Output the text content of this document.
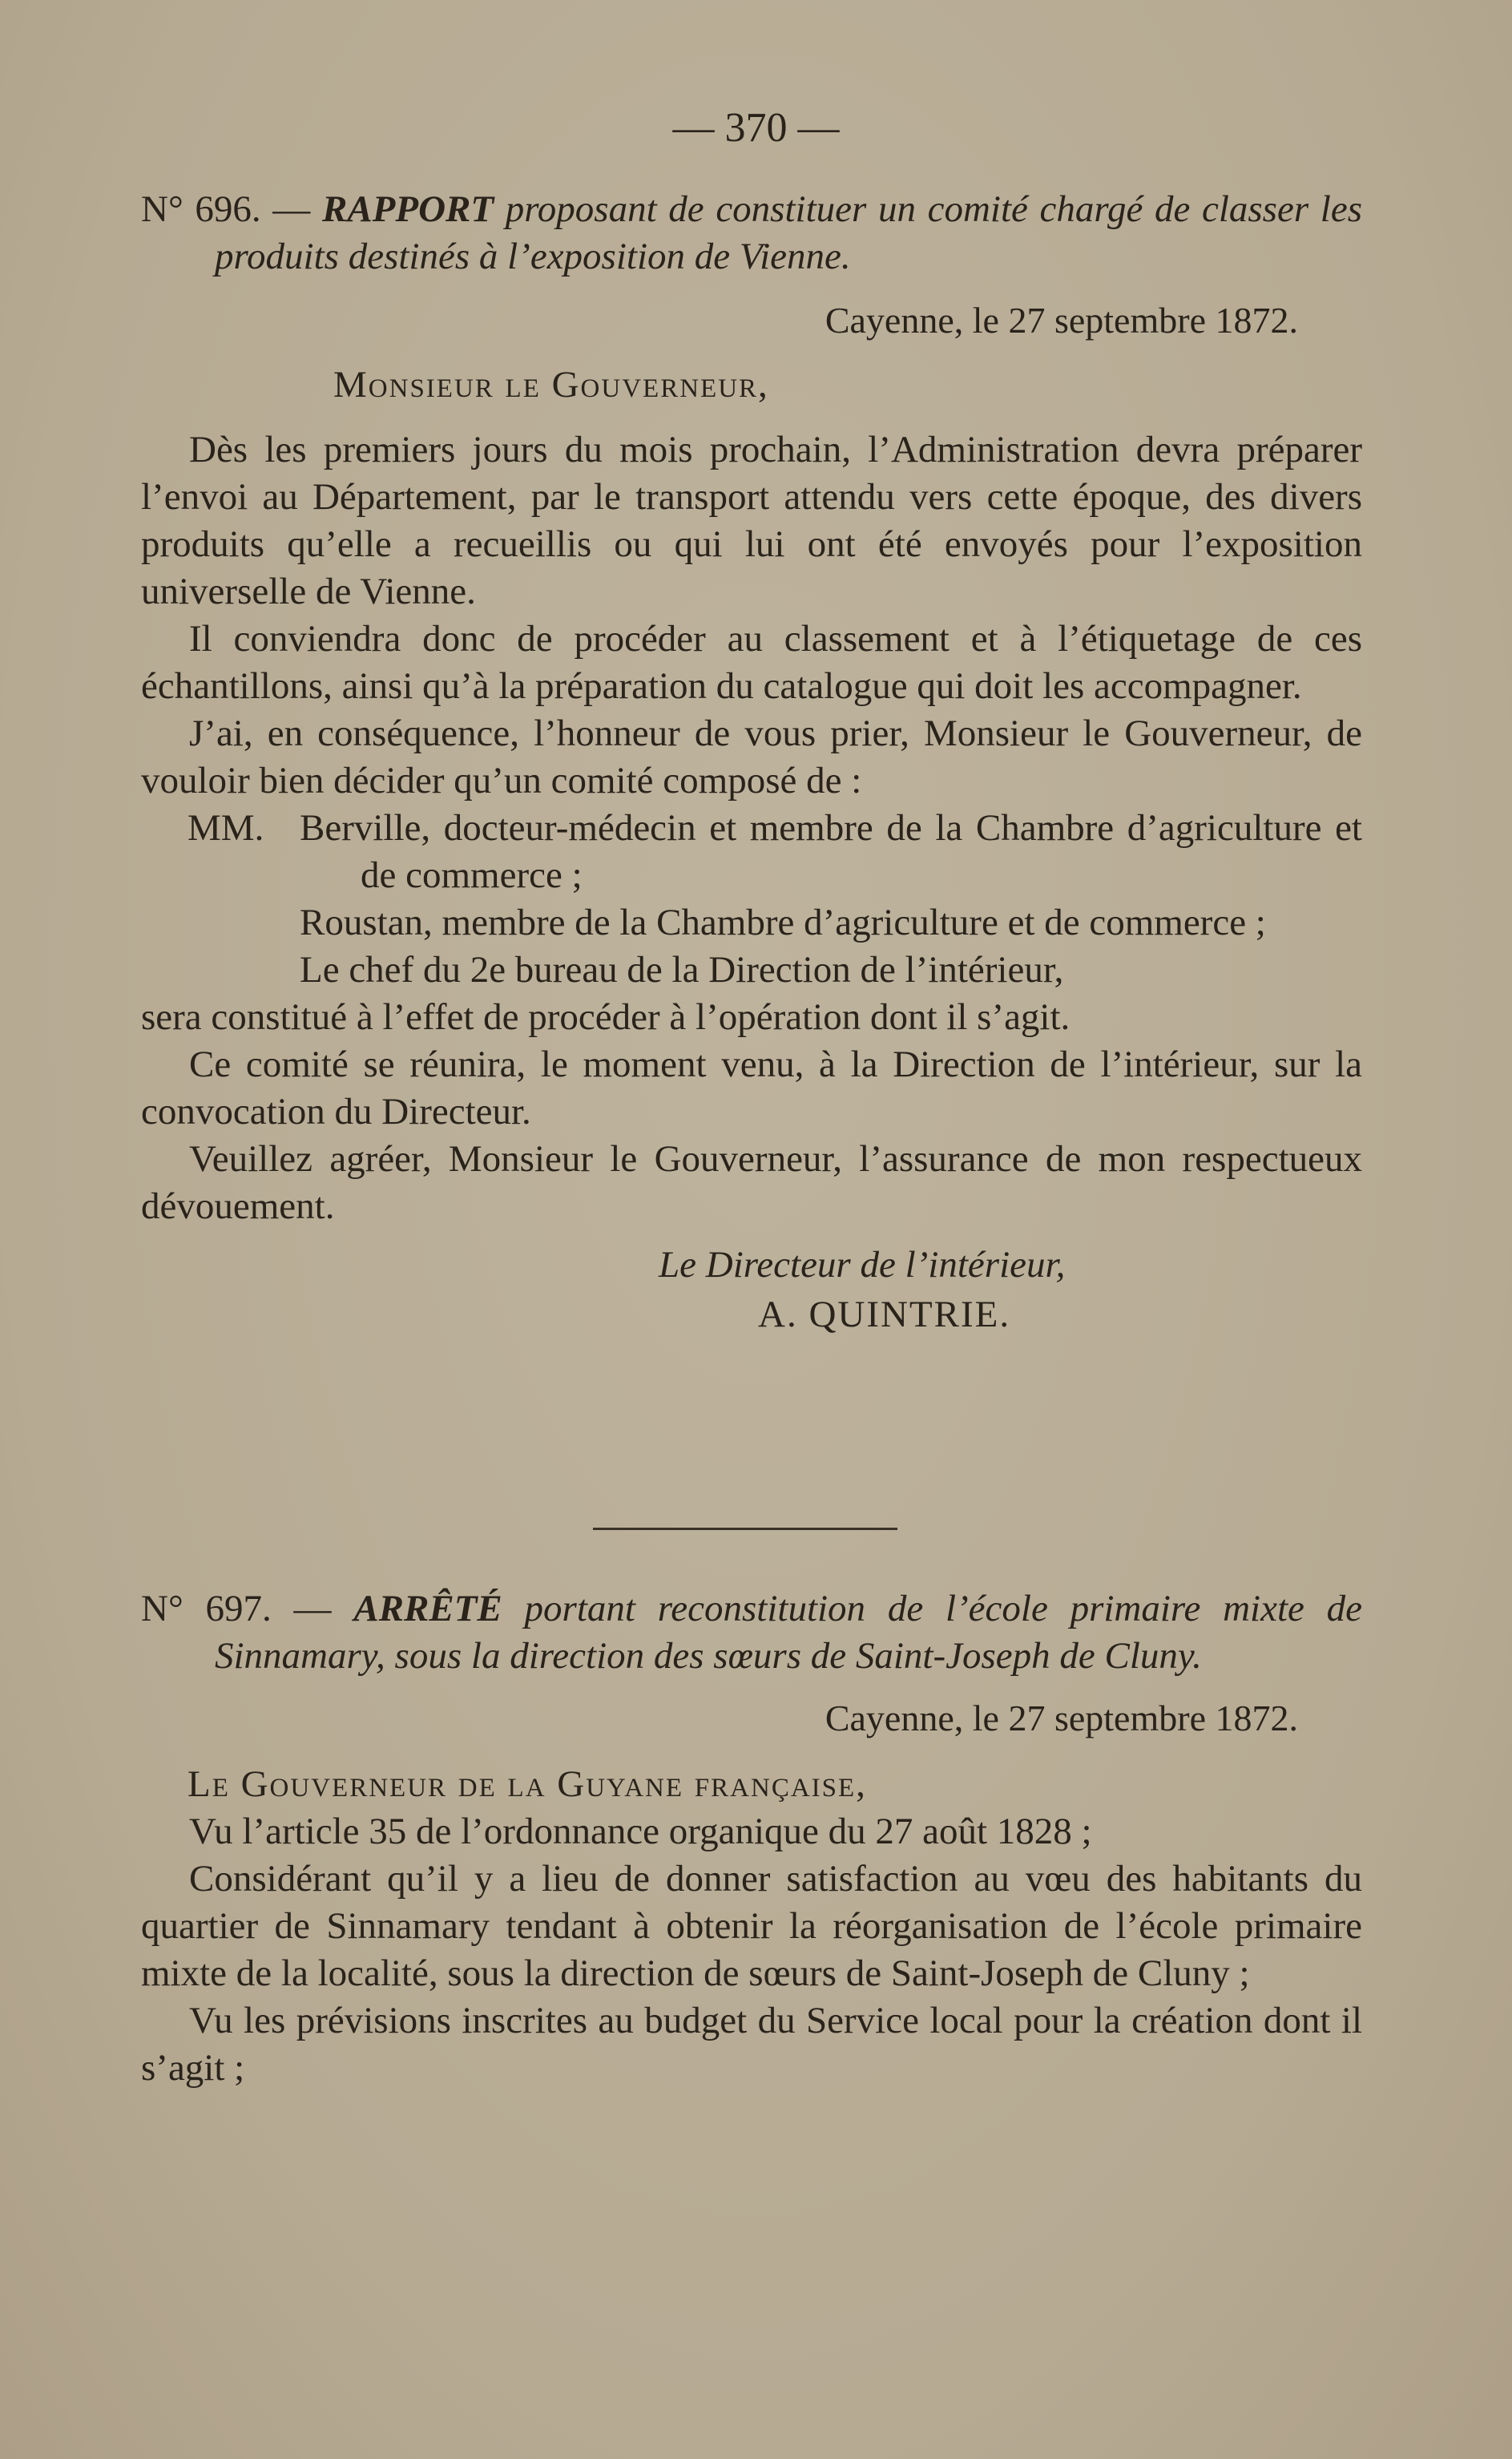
— 370 —

N° 696. — RAPPORT proposant de constituer un comité chargé de classer les produits destinés à l’exposition de Vienne.

Cayenne, le 27 septembre 1872.

Monsieur le Gouverneur,

Dès les premiers jours du mois prochain, l’Administration devra préparer l’envoi au Département, par le transport attendu vers cette époque, des divers produits qu’elle a recueillis ou qui lui ont été envoyés pour l’exposition universelle de Vienne.

Il conviendra donc de procéder au classement et à l’étiquetage de ces échantillons, ainsi qu’à la préparation du catalogue qui doit les accompagner.

J’ai, en conséquence, l’honneur de vous prier, Monsieur le Gouverneur, de vouloir bien décider qu’un comité composé de :

MM. Berville, docteur-médecin et membre de la Chambre d’agriculture et de commerce ;
Roustan, membre de la Chambre d’agriculture et de commerce ;
Le chef du 2e bureau de la Direction de l’intérieur,

sera constitué à l’effet de procéder à l’opération dont il s’agit.

Ce comité se réunira, le moment venu, à la Direction de l’intérieur, sur la convocation du Directeur.

Veuillez agréer, Monsieur le Gouverneur, l’assurance de mon respectueux dévouement.

Le Directeur de l’intérieur,

A. QUINTRIE.

N° 697. — ARRÊTÉ portant reconstitution de l’école primaire mixte de Sinnamary, sous la direction des sœurs de Saint-Joseph de Cluny.

Cayenne, le 27 septembre 1872.

Le Gouverneur de la Guyane française,

Vu l’article 35 de l’ordonnance organique du 27 août 1828 ;

Considérant qu’il y a lieu de donner satisfaction au vœu des habitants du quartier de Sinnamary tendant à obtenir la réorganisation de l’école primaire mixte de la localité, sous la direction de sœurs de Saint-Joseph de Cluny ;

Vu les prévisions inscrites au budget du Service local pour la création dont il s’agit ;
